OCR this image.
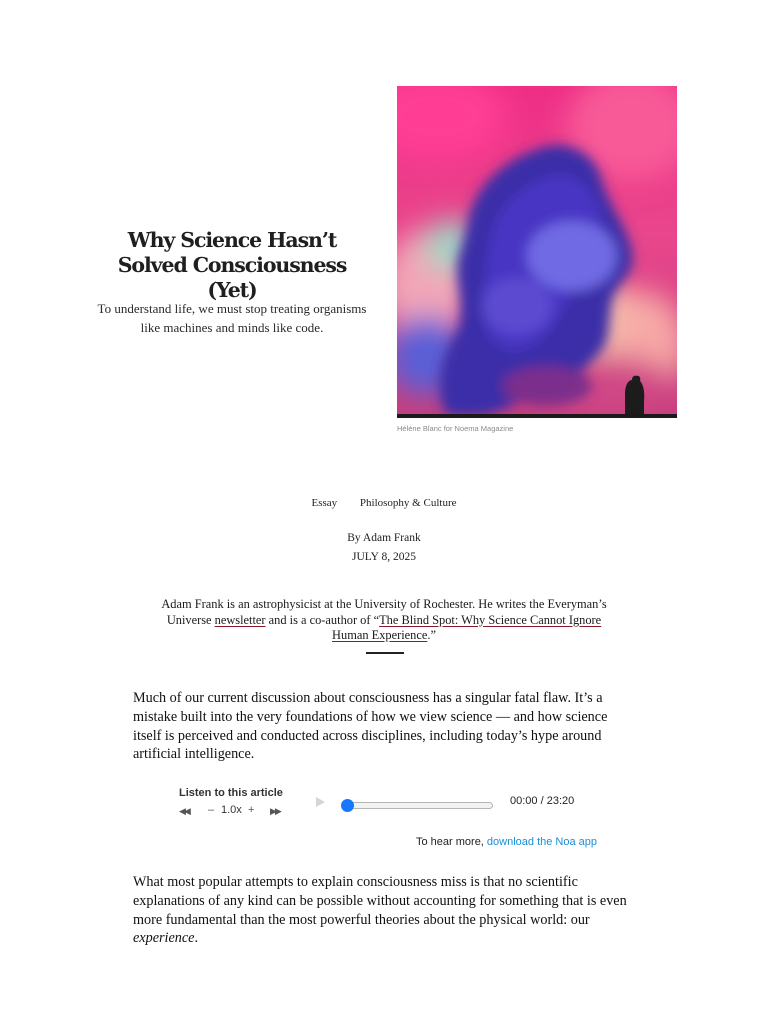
Why Science Hasn’t Solved Consciousness (Yet)

To understand life, we must stop treating organisms like machines and minds like code.

Hélène Blanc for Noema Magazine
Essay Philosophy & Culture
By Adam Frank
JULY 8, 2025
Adam Frank is an astrophysicist at the University of Rochester. He writes the Everyman’s Universe newsletter and is a co-author of “The Blind Spot: Why Science Cannot Ignore Human Experience.”

Much of our current discussion about consciousness has a singular fatal flaw. It’s a mistake built into the very foundations of how we view science — and how science itself is perceived and conducted across disciplines, including today’s hype around artificial intelligence.

Listen to this article
◀◀ – 1.0x + ▶▶
00:00 / 23:20
To hear more, download the Noa app

What most popular attempts to explain consciousness miss is that no scientific explanations of any kind can be possible without accounting for something that is even more fundamental than the most powerful theories about the physical world: our experience.
